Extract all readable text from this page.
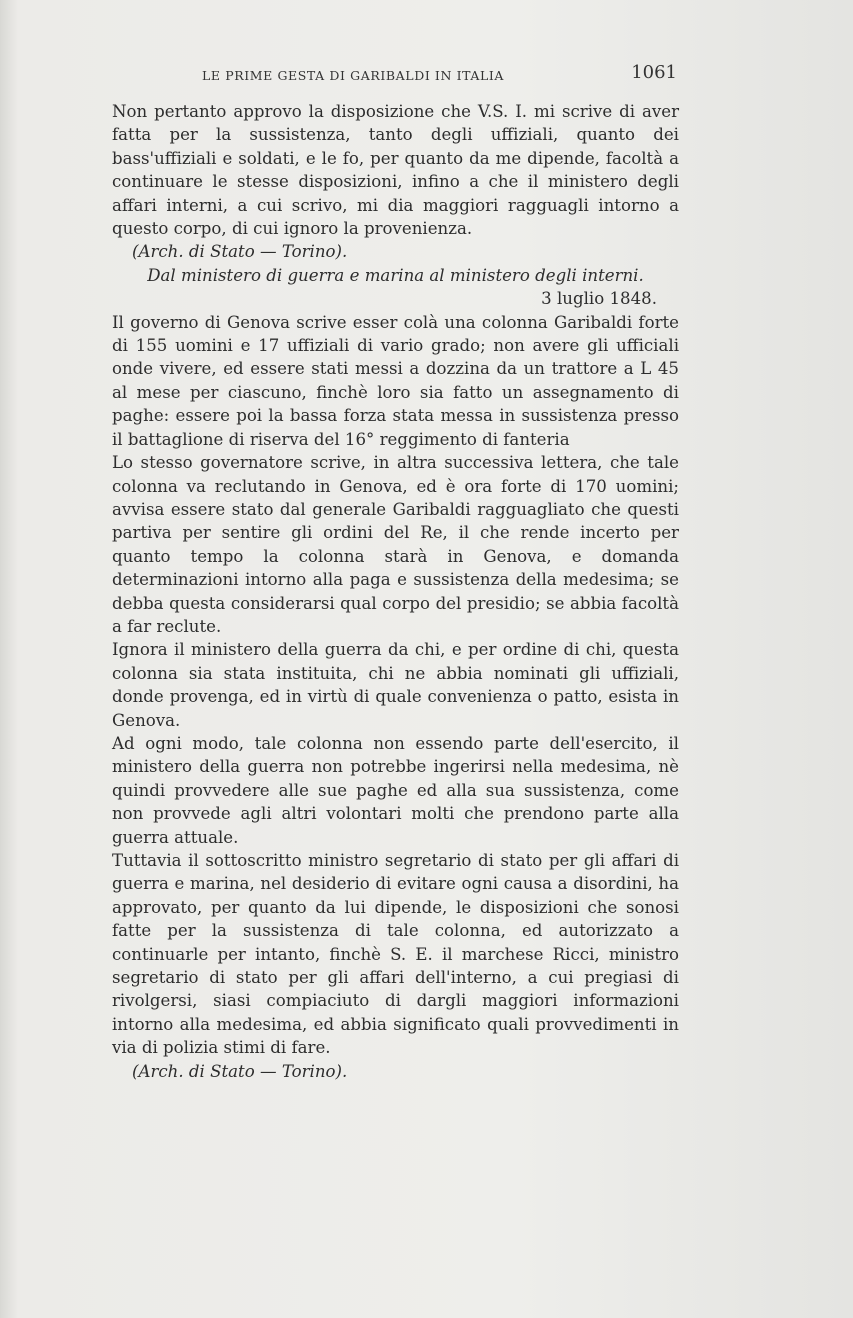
LE PRIME GESTA DI GARIBALDI IN ITALIA	1061

Non pertanto approvo la disposizione che V.S. I. mi scrive di aver fatta per la sussistenza, tanto degli uffiziali, quanto dei bass'uffiziali e soldati, e le fo, per quanto da me dipende, facoltà a continuare le stesse disposizioni, infino a che il ministero degli affari interni, a cui scrivo, mi dia maggiori ragguagli intorno a questo corpo, di cui ignoro la provenienza.

(Arch. di Stato — Torino).

Dal ministero di guerra e marina al ministero degli interni.

3 luglio 1848.

Il governo di Genova scrive esser colà una colonna Garibaldi forte di 155 uomini e 17 uffiziali di vario grado; non avere gli ufficiali onde vivere, ed essere stati messi a dozzina da un trattore a L 45 al mese per ciascuno, finchè loro sia fatto un assegnamento di paghe: essere poi la bassa forza stata messa in sussistenza presso il battaglione di riserva del 16° reggimento di fanteria

Lo stesso governatore scrive, in altra successiva lettera, che tale colonna va reclutando in Genova, ed è ora forte di 170 uomini; avvisa essere stato dal generale Garibaldi ragguagliato che questi partiva per sentire gli ordini del Re, il che rende incerto per quanto tempo la colonna starà in Genova, e domanda determinazioni intorno alla paga e sussistenza della medesima; se debba questa considerarsi qual corpo del presidio; se abbia facoltà a far reclute.

Ignora il ministero della guerra da chi, e per ordine di chi, questa colonna sia stata instituita, chi ne abbia nominati gli uffiziali, donde provenga, ed in virtù di quale convenienza o patto, esista in Genova.

Ad ogni modo, tale colonna non essendo parte dell'esercito, il ministero della guerra non potrebbe ingerirsi nella medesima, nè quindi provvedere alle sue paghe ed alla sua sussistenza, come non provvede agli altri volontari molti che prendono parte alla guerra attuale.

Tuttavia il sottoscritto ministro segretario di stato per gli affari di guerra e marina, nel desiderio di evitare ogni causa a disordini, ha approvato, per quanto da lui dipende, le disposizioni che sonosi fatte per la sussistenza di tale colonna, ed autorizzato a continuarle per intanto, finchè S. E. il marchese Ricci, ministro segretario di stato per gli affari dell'interno, a cui pregiasi di rivolgersi, siasi compiaciuto di dargli maggiori informazioni intorno alla medesima, ed abbia significato quali provvedimenti in via di polizia stimi di fare.

(Arch. di Stato — Torino).
